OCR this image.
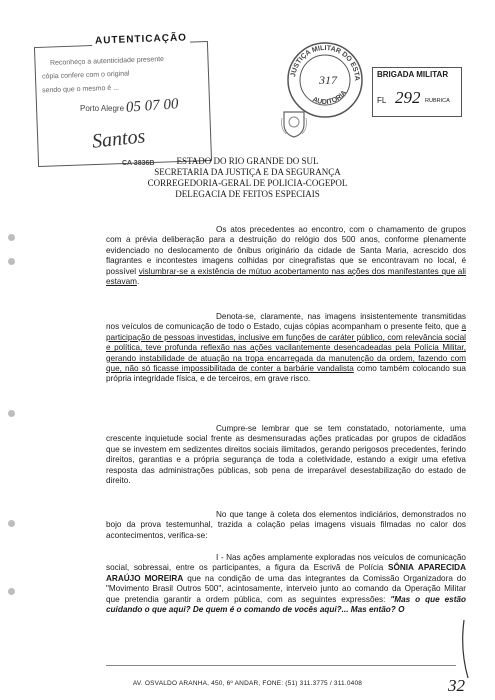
AUTENTICAÇÃO
Reconheço a autenticidade presente
cópia confere com o original
sendo que o mesmo é ...
Porto Alegre 05 07 00
Santos
CA 3836B
JUSTIÇA MILITAR DO ESTA
AUDITORIA
317	BRIGADA MILITAR
FL 292 RUBRICA
ESTADO DO RIO GRANDE DO SUL
SECRETARIA DA JUSTIÇA E DA SEGURANÇA
CORREGEDORIA-GERAL DE POLICIA-COGEPOL
DELEGACIA DE FEITOS ESPECIAIS
Os atos precedentes ao encontro, com o chamamento de grupos com a prévia deliberação para a destruição do relógio dos 500 anos, conforme plenamente evidenciado no deslocamento de ônibus originário da cidade de Santa Maria, acrescido dos flagrantes e incontestes imagens colhidas por cinegrafistas que se encontravam no local, é possível vislumbrar-se a existência de mútuo acobertamento nas ações dos manifestantes que ali estavam.
Denota-se, claramente, nas imagens insistentemente transmitidas nos veículos de comunicação de todo o Estado, cujas cópias acompanham o presente feito, que a participação de pessoas investidas, inclusive em funções de caráter público, com relevância social e política, teve profunda reflexão nas ações vacilantemente desencadeadas pela Polícia Militar, gerando instabilidade de atuação na tropa encarregada da manutenção da ordem, fazendo com que, não só ficasse impossibilitada de conter a barbárie vandalista como também colocando sua própria integridade física, e de terceiros, em grave risco.
Cumpre-se lembrar que se tem constatado, notoriamente, uma crescente inquietude social frente as desmensuradas ações praticadas por grupos de cidadãos que se investem em sedizentes direitos sociais ilimitados, gerando perigosos precedentes, ferindo direitos, garantias e a própria segurança de toda a coletividade, estando a exigir uma efetiva resposta das administrações públicas, sob pena de irreparável desestabilização do estado de direito.
No que tange à coleta dos elementos indiciários, demonstrados no bojo da prova testemunhal, trazida a colação pelas imagens visuais filmadas no calor dos acontecimentos, verifica-se:
I - Nas ações amplamente exploradas nos veículos de comunicação social, sobressai, entre os participantes, a figura da Escrivã de Polícia SÔNIA APARECIDA ARAÚJO MOREIRA que na condição de uma das integrantes da Comissão Organizadora do "Movimento Brasil Outros 500", acintosamente, interveio junto ao comando da Operação Militar que pretendia garantir a ordem pública, com as seguintes expressões: "Mas o que estão cuidando o que aqui? De quem é o comando de vocês aqui?... Mas então? O
AV. OSVALDO ARANHA, 450, 6º ANDAR, FONE: (51) 311.3775 / 311.0408	32
